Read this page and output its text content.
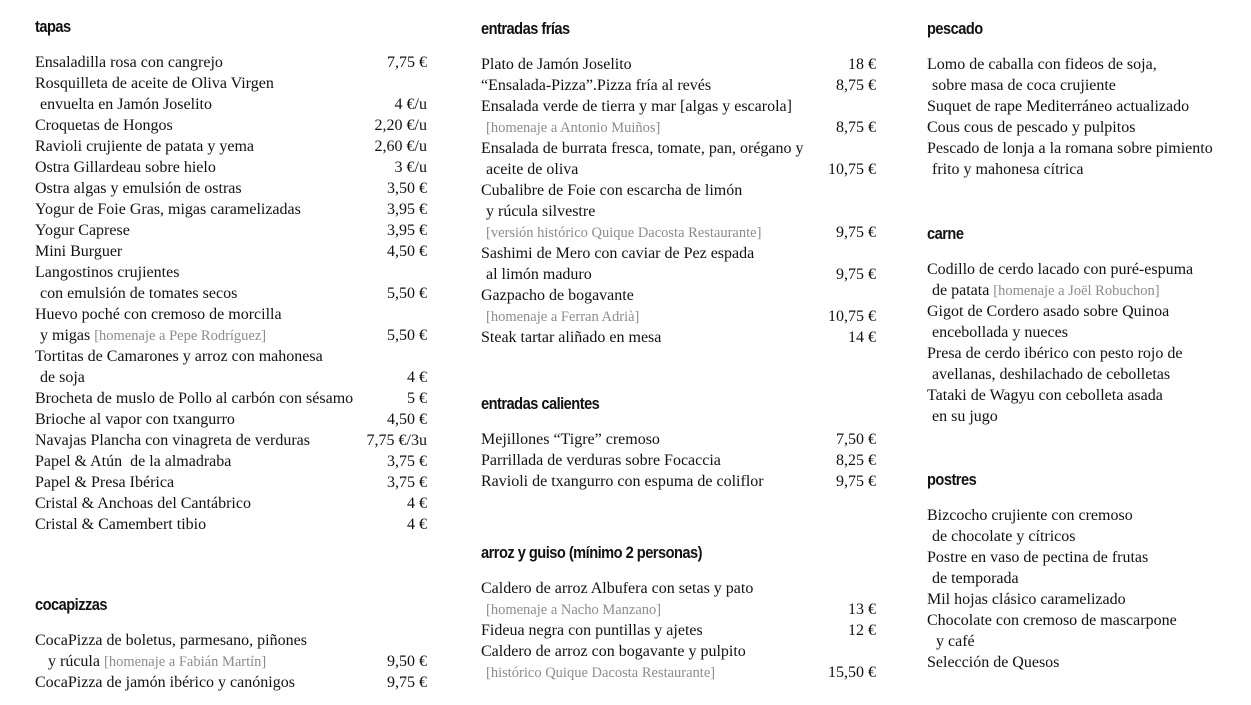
tapas
Ensaladilla rosa con cangrejo	7,75 €
Rosquilleta de aceite de Oliva Virgen
envuelta en Jamón Joselito	4 €/u
Croquetas de Hongos	2,20 €/u
Ravioli crujiente de patata y yema	2,60 €/u
Ostra Gillardeau sobre hielo	3 €/u
Ostra algas y emulsión de ostras	3,50 €
Yogur de Foie Gras, migas caramelizadas	3,95 €
Yogur Caprese	3,95 €
Mini Burguer	4,50 €
Langostinos crujientes
con emulsión de tomates secos	5,50 €
Huevo poché con cremoso de morcilla
y migas [homenaje a Pepe Rodríguez]	5,50 €
Tortitas de Camarones y arroz con mahonesa
de soja	4 €
Brocheta de muslo de Pollo al carbón con sésamo	5 €
Brioche al vapor con txangurro	4,50 €
Navajas Plancha con vinagreta de verduras	7,75 €/3u
Papel & Atún  de la almadraba	3,75 €
Papel & Presa Ibérica	3,75 €
Cristal & Anchoas del Cantábrico	4 €
Cristal & Camembert tibio	4 €
cocapizzas
CocaPizza de boletus, parmesano, piñones
y rúcula [homenaje a Fabián Martín]	9,50 €
CocaPizza de jamón ibérico y canónigos	9,75 €
entradas frías
Plato de Jamón Joselito	18 €
“Ensalada-Pizza”.Pizza fría al revés	8,75 €
Ensalada verde de tierra y mar [algas y escarola]
[homenaje a Antonio Muiños]	8,75 €
Ensalada de burrata fresca, tomate, pan, orégano y
aceite de oliva	10,75 €
Cubalibre de Foie con escarcha de limón
y rúcula silvestre
[versión histórico Quique Dacosta Restaurante]	9,75 €
Sashimi de Mero con caviar de Pez espada
al limón maduro	9,75 €
Gazpacho de bogavante
[homenaje a Ferran Adrià]	10,75 €
Steak tartar aliñado en mesa	14 €
entradas calientes
Mejillones “Tigre” cremoso	7,50 €
Parrillada de verduras sobre Focaccia	8,25 €
Ravioli de txangurro con espuma de coliflor	9,75 €
arroz y guiso (mínimo 2 personas)
Caldero de arroz Albufera con setas y pato
[homenaje a Nacho Manzano]	13 €
Fideua negra con puntillas y ajetes	12 €
Caldero de arroz con bogavante y pulpito
[histórico Quique Dacosta Restaurante]	15,50 €
pescado
Lomo de caballa con fideos de soja,
sobre masa de coca crujiente
Suquet de rape Mediterráneo actualizado
Cous cous de pescado y pulpitos
Pescado de lonja a la romana sobre pimiento
frito y mahonesa cítrica
carne
Codillo de cerdo lacado con puré-espuma
de patata [homenaje a Joël Robuchon]
Gigot de Cordero asado sobre Quinoa
encebollada y nueces
Presa de cerdo ibérico con pesto rojo de
avellanas, deshilachado de cebolletas
Tataki de Wagyu con cebolleta asada
en su jugo
postres
Bizcocho crujiente con cremoso
de chocolate y cítricos
Postre en vaso de pectina de frutas
de temporada
Mil hojas clásico caramelizado
Chocolate con cremoso de mascarpone
y café
Selección de Quesos
